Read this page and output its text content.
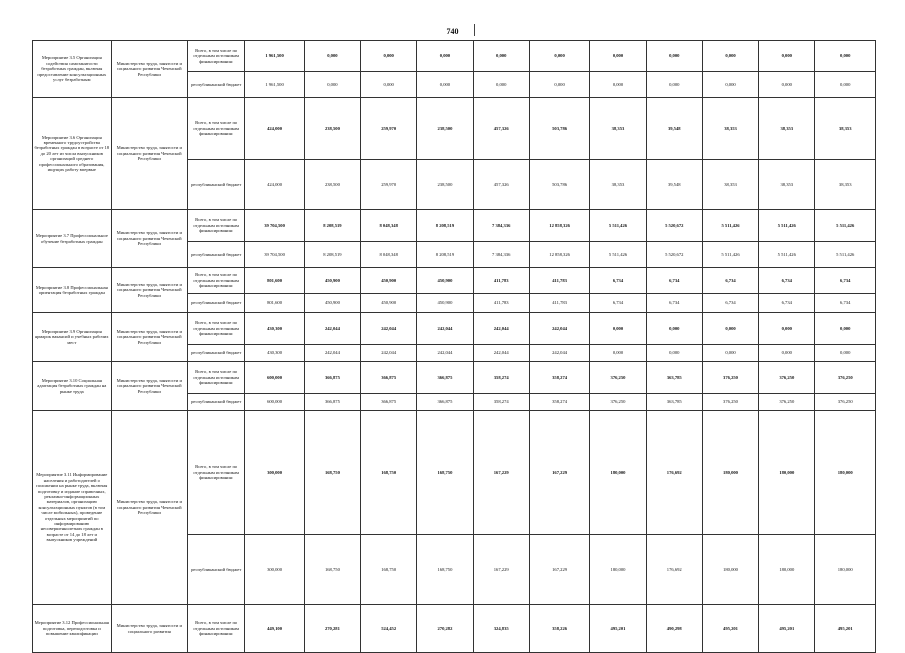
740
Мероприятие 3.5 Организация содействия самозанятости безработных граждан, включая предоставление консультационных услуг безработным	Министерство труда, занятости и социального развития Чеченской Республики	Всего, в том числе по отдельным источникам финансирования:	1 961,500	0,000	0,000	0,000	0,000	0,000	0,000	0,000	0,000	0,000	0,000
		республиканский бюджет	1 961,500	0,000	0,000	0,000	0,000	0,000	0,000	0,000	0,000	0,000	0,000
Мероприятие 3.6 Организация временного трудоустройства безработных граждан в возрасте от 18 до 20 лет из числа выпускников организаций среднего профессионального образования, ищущих работу впервые	Министерство труда, занятости и социального развития Чеченской Республики	Всего, в том числе по отдельным источникам финансирования:	424,000	238,500	259,970	238,500	457,326	503,786	38,353	39,548	38,353	38,353	38,353
		республиканский бюджет	424,000	238,500	259,970	238,500	457,326	503,786	38,353	39,548	38,353	38,353	38,353
Мероприятие 3.7 Профессиональное обучение безработных граждан	Министерство труда, занятости и социального развития Чеченской Республики	Всего, в том числе по отдельным источникам финансирования:	39 704,500	8 208,519	8 048,348	8 208,519	7 384,336	12 858,326	5 511,426	5 520,672	5 511,426	5 511,426	5 511,426
		республиканский бюджет	39 704,500	8 208,519	8 048,348	8 208,519	7 384,336	12 858,326	5 511,426	5 520,672	5 511,426	5 511,426	5 511,426
Мероприятие 3.8 Профессиональная ориентация безработных граждан	Министерство труда, занятости и социального развития Чеченской Республики	Всего, в том числе по отдельным источникам финансирования:	801,600	450,900	450,900	450,900	411,783	411,783	6,734	6,734	6,734	6,734	6,734
		республиканский бюджет	801,600	450,900	450,900	450,900	411,783	411,783	6,734	6,734	6,734	6,734	6,734
Мероприятие 3.9 Организация ярмарок вакансий и учебных рабочих мест	Министерство труда, занятости и социального развития Чеченской Республики	Всего, в том числе по отдельным источникам финансирования:	430,300	242,044	242,044	242,044	242,044	242,044	0,000	0,000	0,000	0,000	0,000
		республиканский бюджет	430,300	242,044	242,044	242,044	242,044	242,044	0,000	0,000	0,000	0,000	0,000
Мероприятие 3.10 Социальная адаптация безработных граждан на рынке труда	Министерство труда, занятости и социального развития Чеченской Республики	Всего, в том числе по отдельным источникам финансирования:	600,000	366,875	366,875	366,875	358,274	358,274	376,250	363,785	376,250	376,250	376,250
		республиканский бюджет	600,000	366,875	366,875	366,875	358,274	358,274	376,250	363,785	376,250	376,250	376,250
Мероприятие 3.11 Информирование населения и работодателей о положении на рынке труда, включая подготовку и издание справочных, рекламно-информационных материалов, организацию консультационных пунктов (в том числе мобильных), проведение отдельных мероприятий по информированию несовершеннолетних граждан в возрасте от 14 до 18 лет и выпускников учреждений	Министерство труда, занятости и социального развития Чеченской Республики	Всего, в том числе по отдельным источникам финансирования:	300,000	168,750	168,750	168,750	167,229	167,229	180,000	176,692	180,000	180,000	180,000
		республиканский бюджет	300,000	168,750	168,750	168,750	167,229	167,229	180,000	176,692	180,000	180,000	180,000
Мероприятие 3.12 Профессиональная подготовка, переподготовка и повышение квалификации	Министерство труда, занятости и социального развития	Всего, в том числе по отдельным источникам финансирования:	449,100	270,281	524,452	270,282	324,835	358,226	495,201	490,298	495,201	495,201	495,201
